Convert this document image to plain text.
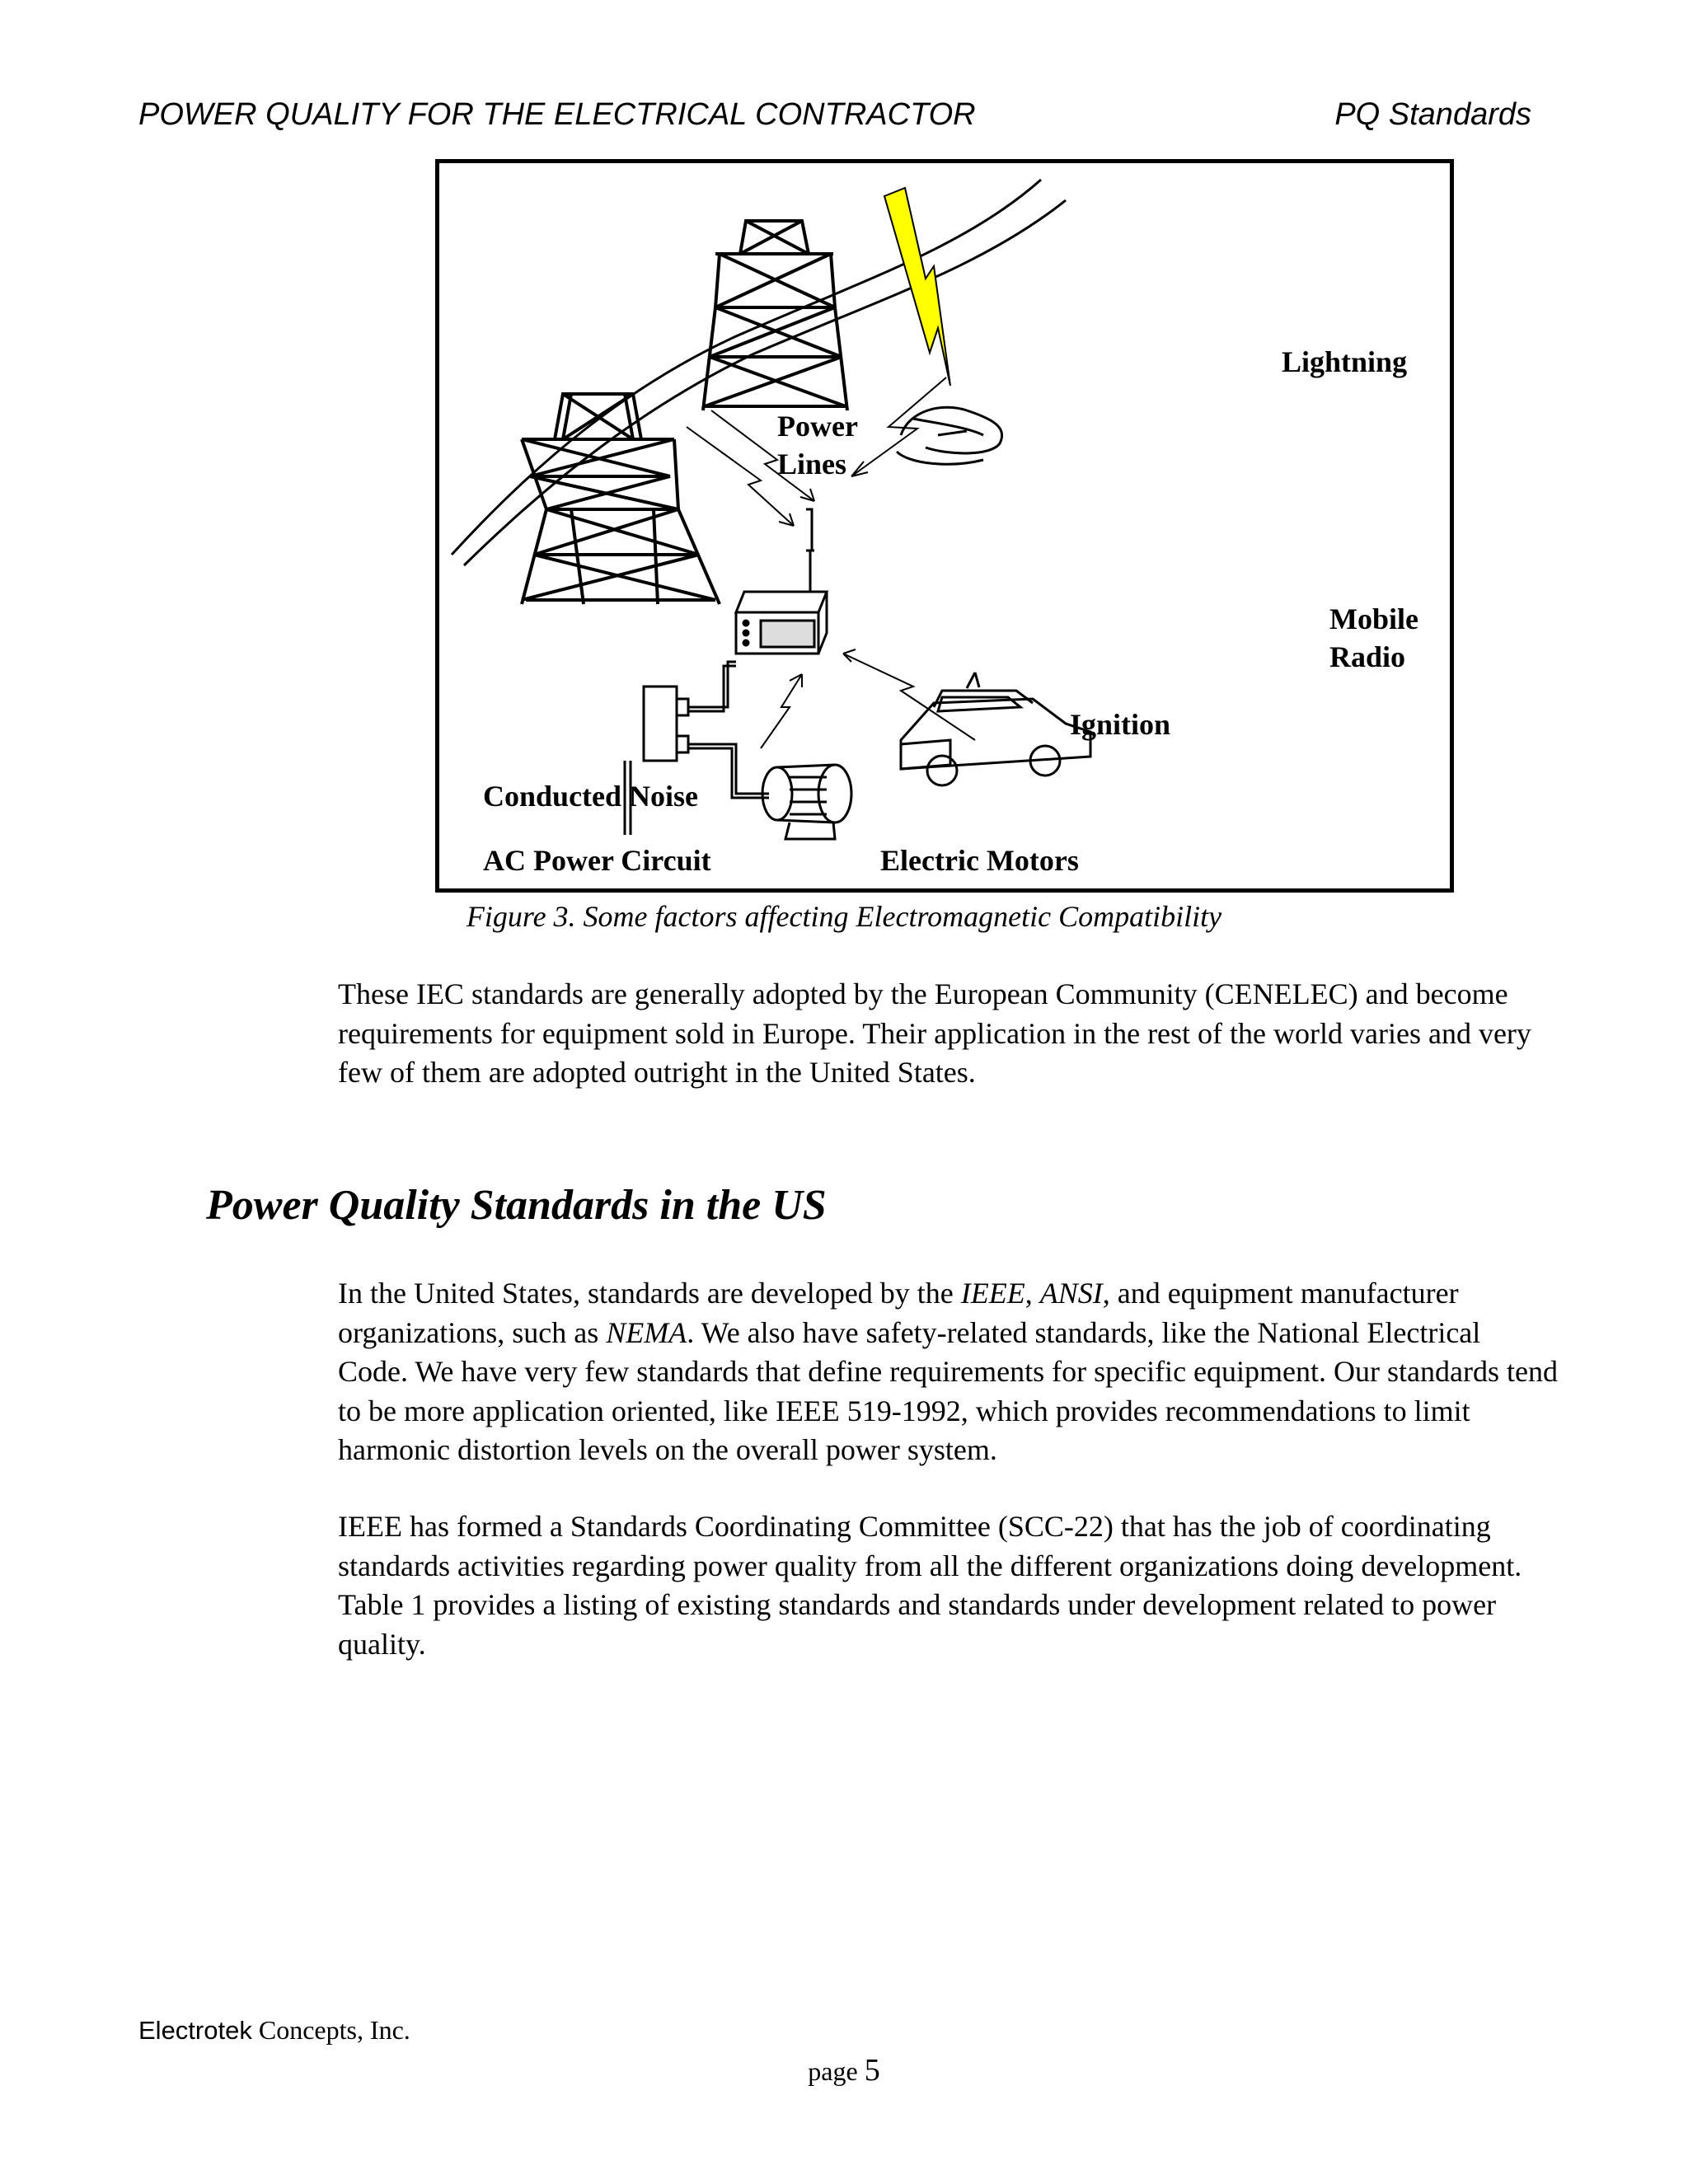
POWER QUALITY FOR THE ELECTRICAL CONTRACTOR	PQ Standards
Lightning
Power
Lines
Mobile
Radio
Ignition
Conducted Noise
AC Power Circuit	Electric Motors
Figure 3. Some factors affecting Electromagnetic Compatibility

These IEC standards are generally adopted by the European Community (CENELEC) and become requirements for equipment sold in Europe. Their application in the rest of the world varies and very few of them are adopted outright in the United States.

Power Quality Standards in the US

In the United States, standards are developed by the IEEE, ANSI, and equipment manufacturer organizations, such as NEMA. We also have safety-related standards, like the National Electrical Code. We have very few standards that define requirements for specific equipment. Our standards tend to be more application oriented, like IEEE 519-1992, which provides recommendations to limit harmonic distortion levels on the overall power system.

IEEE has formed a Standards Coordinating Committee (SCC-22) that has the job of coordinating standards activities regarding power quality from all the different organizations doing development. Table 1 provides a listing of existing standards and standards under development related to power quality.

Electrotek Concepts, Inc.
page 5
